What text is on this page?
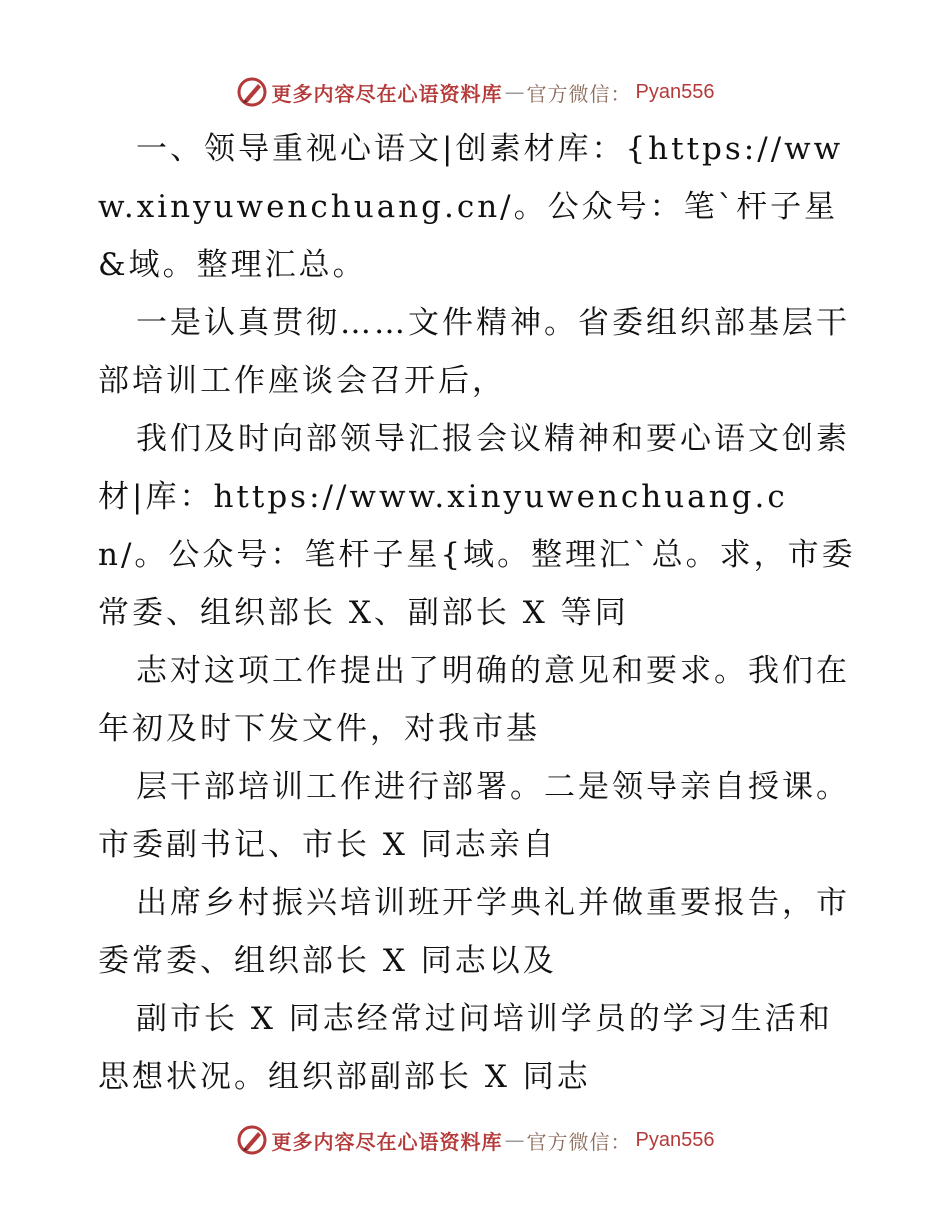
更多内容尽在心语资料库 — 官方微信： Pyan556

一、领导重视心语文|创素材库：{https://www.xinyuwenchuang.cn/。公众号：笔`杆子星&域。整理汇总。

一是认真贯彻……文件精神。省委组织部基层干部培训工作座谈会召开后，

我们及时向部领导汇报会议精神和要心语文创素材|库：https://www.xinyuwenchuang.cn/。公众号：笔杆子星{域。整理汇`总。求，市委常委、组织部长 X、副部长 X 等同

志对这项工作提出了明确的意见和要求。我们在年初及时下发文件，对我市基

层干部培训工作进行部署。二是领导亲自授课。市委副书记、市长 X 同志亲自

出席乡村振兴培训班开学典礼并做重要报告，市委常委、组织部长 X 同志以及

副市长 X 同志经常过问培训学员的学习生活和思想状况。组织部副部长 X 同志

更多内容尽在心语资料库 — 官方微信： Pyan556
